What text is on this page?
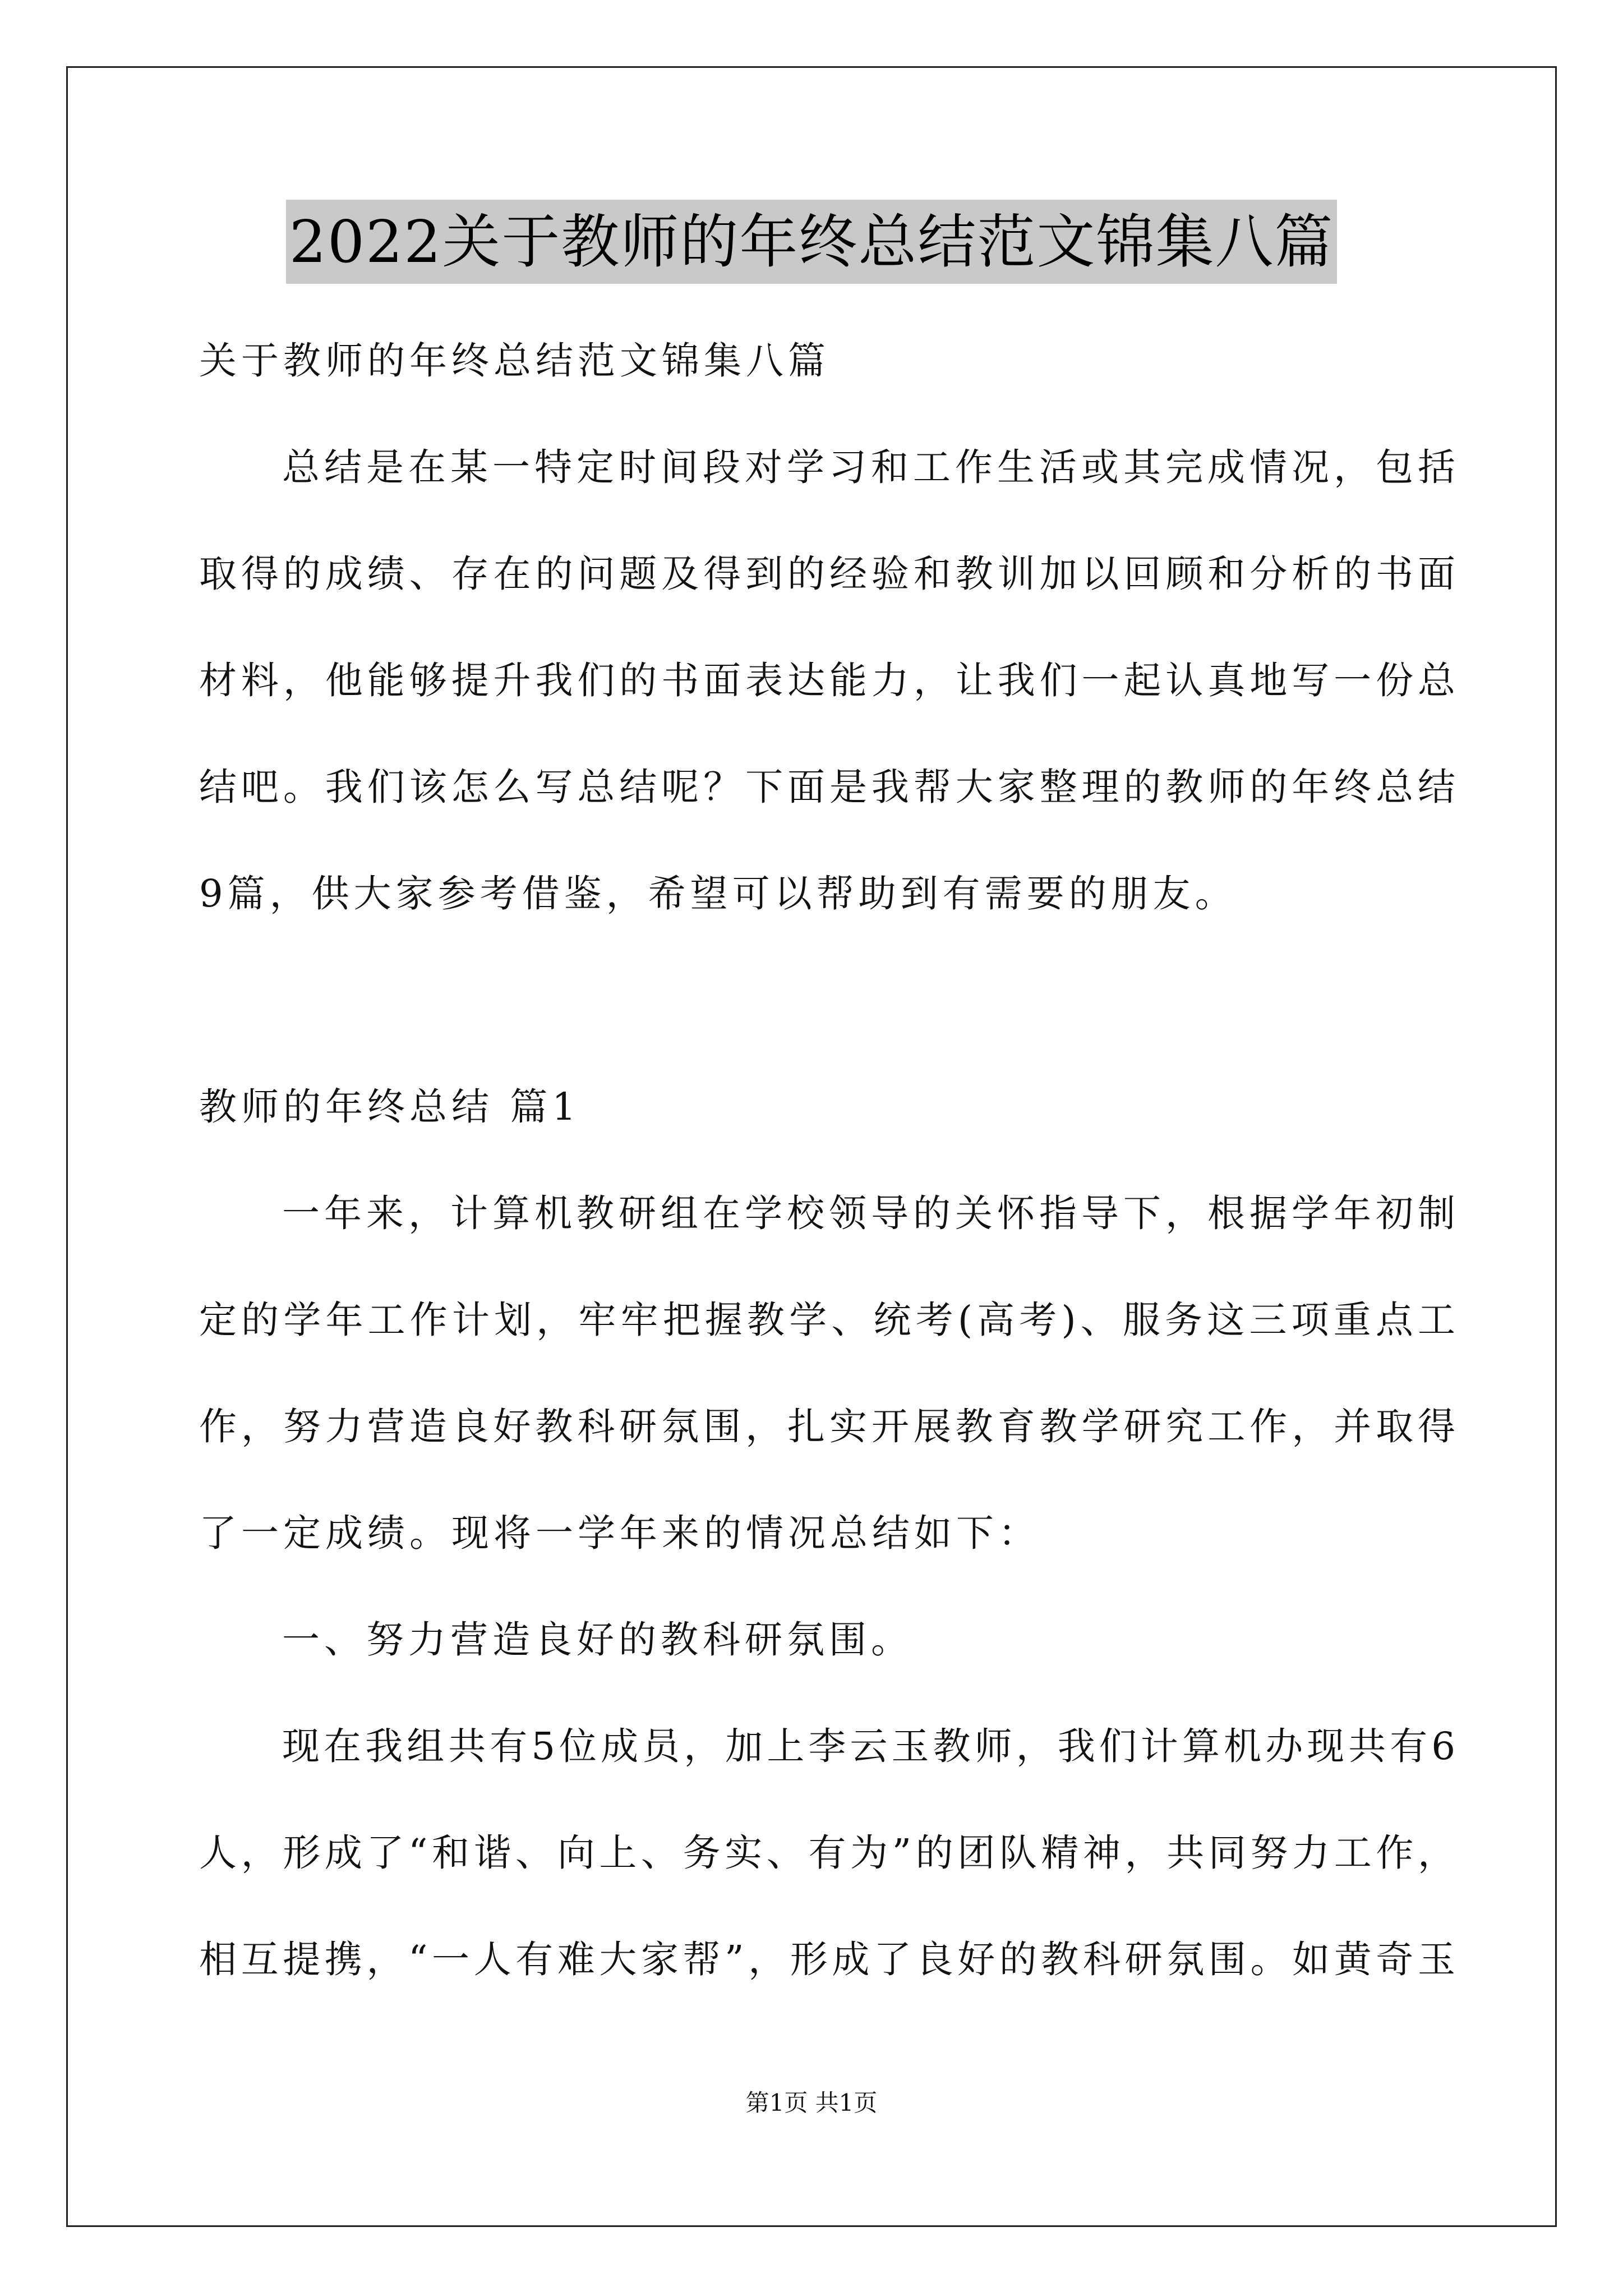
2022关于教师的年终总结范文锦集八篇
关于教师的年终总结范文锦集八篇
总结是在某一特定时间段对学习和工作生活或其完成情况，包括
取得的成绩、存在的问题及得到的经验和教训加以回顾和分析的书面
材料，他能够提升我们的书面表达能力，让我们一起认真地写一份总
结吧。我们该怎么写总结呢？下面是我帮大家整理的教师的年终总结
9篇，供大家参考借鉴，希望可以帮助到有需要的朋友。
教师的年终总结 篇1
一年来，计算机教研组在学校领导的关怀指导下，根据学年初制
定的学年工作计划，牢牢把握教学、统考(高考)、服务这三项重点工
作，努力营造良好教科研氛围，扎实开展教育教学研究工作，并取得
了一定成绩。现将一学年来的情况总结如下：
一、努力营造良好的教科研氛围。
现在我组共有5位成员，加上李云玉教师，我们计算机办现共有6
人，形成了“和谐、向上、务实、有为”的团队精神，共同努力工作，
相互提携，“一人有难大家帮”，形成了良好的教科研氛围。如黄奇玉
第1页 共1页
